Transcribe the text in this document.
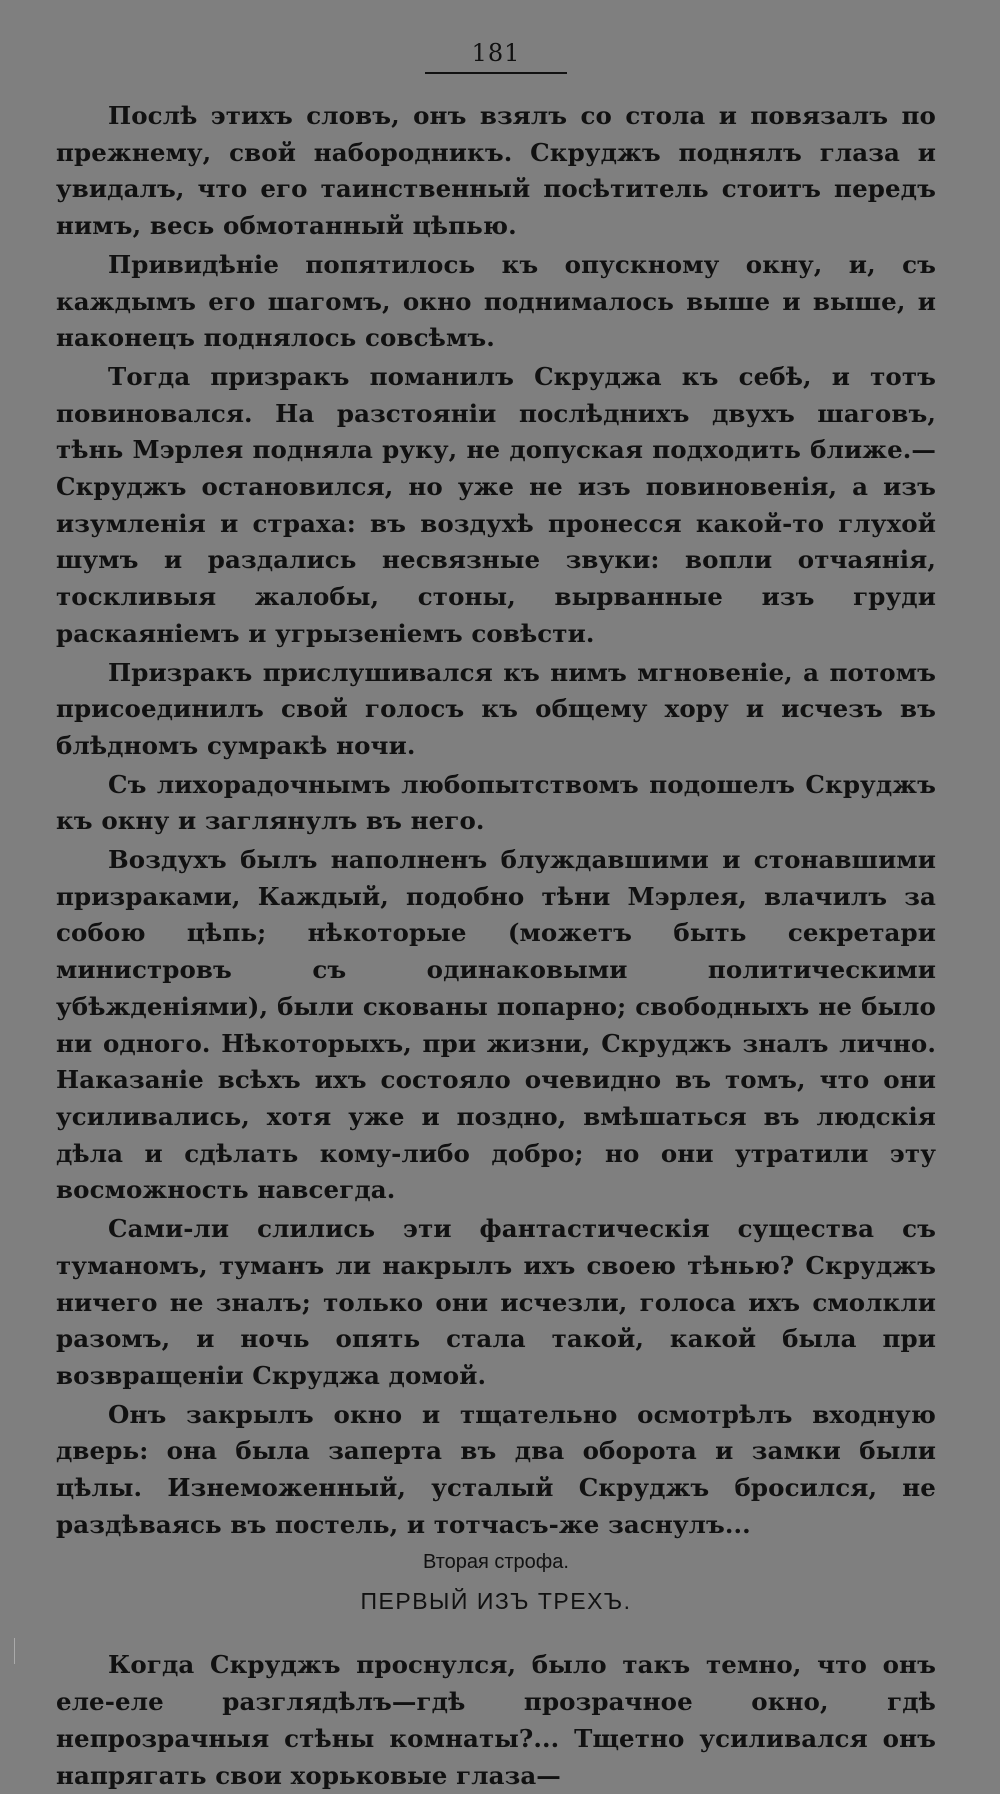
181

Послѣ этихъ словъ, онъ взялъ со стола и повязалъ по прежнему, свой набородникъ. Скруджъ поднялъ глаза и увидалъ, что его таинственный посѣтитель стоитъ передъ нимъ, весь обмотанный цѣпью.

Привидѣніе попятилось къ опускному окну, и, съ каждымъ его шагомъ, окно поднималось выше и выше, и наконецъ поднялось совсѣмъ.

Тогда призракъ поманилъ Скруджа къ себѣ, и тотъ повиновался. На разстояніи послѣднихъ двухъ шаговъ, тѣнь Мэрлея подняла руку, не допуская подходить ближе.—Скруджъ остановился, но уже не изъ повиновенія, а изъ изумленія и страха: въ воздухѣ пронесся какой-то глухой шумъ и раздались несвязные звуки: вопли отчаянія, тоскливыя жалобы, стоны, вырванные изъ груди раскаяніемъ и угрызеніемъ совѣсти.

Призракъ прислушивался къ нимъ мгновеніе, а потомъ присоединилъ свой голосъ къ общему хору и исчезъ въ блѣдномъ сумракѣ ночи.

Съ лихорадочнымъ любопытствомъ подошелъ Скруджъ къ окну и заглянулъ въ него.

Воздухъ былъ наполненъ блуждавшими и стонавшими призраками, Каждый, подобно тѣни Мэрлея, влачилъ за собою цѣпь; нѣкоторые (можетъ быть секретари министровъ съ одинаковыми политическими убѣжденіями), были скованы попарно; свободныхъ не было ни одного. Нѣкоторыхъ, при жизни, Скруджъ зналъ лично. Наказаніе всѣхъ ихъ состояло очевидно въ томъ, что они усиливались, хотя уже и поздно, вмѣшаться въ людскія дѣла и сдѣлать кому-либо добро; но они утратили эту восможность навсегда.

Сами-ли слились эти фантастическія существа съ туманомъ, туманъ ли накрылъ ихъ своею тѣнью? Скруджъ ничего не зналъ; только они исчезли, голоса ихъ смолкли разомъ, и ночь опять стала такой, какой была при возвращеніи Скруджа домой.

Онъ закрылъ окно и тщательно осмотрѣлъ входную дверь: она была заперта въ два оборота и замки были цѣлы. Изнеможенный, усталый Скруджъ бросился, не раздѣваясь въ постель, и тотчасъ-же заснулъ...

Вторая строфа.
ПЕРВЫЙ ИЗЪ ТРЕХЪ.

Когда Скруджъ проснулся, было такъ темно, что онъ еле-еле разглядѣлъ—гдѣ прозрачное окно, гдѣ непрозрачныя стѣны комнаты?... Тщетно усиливался онъ напрягать свои хорьковые глаза—
